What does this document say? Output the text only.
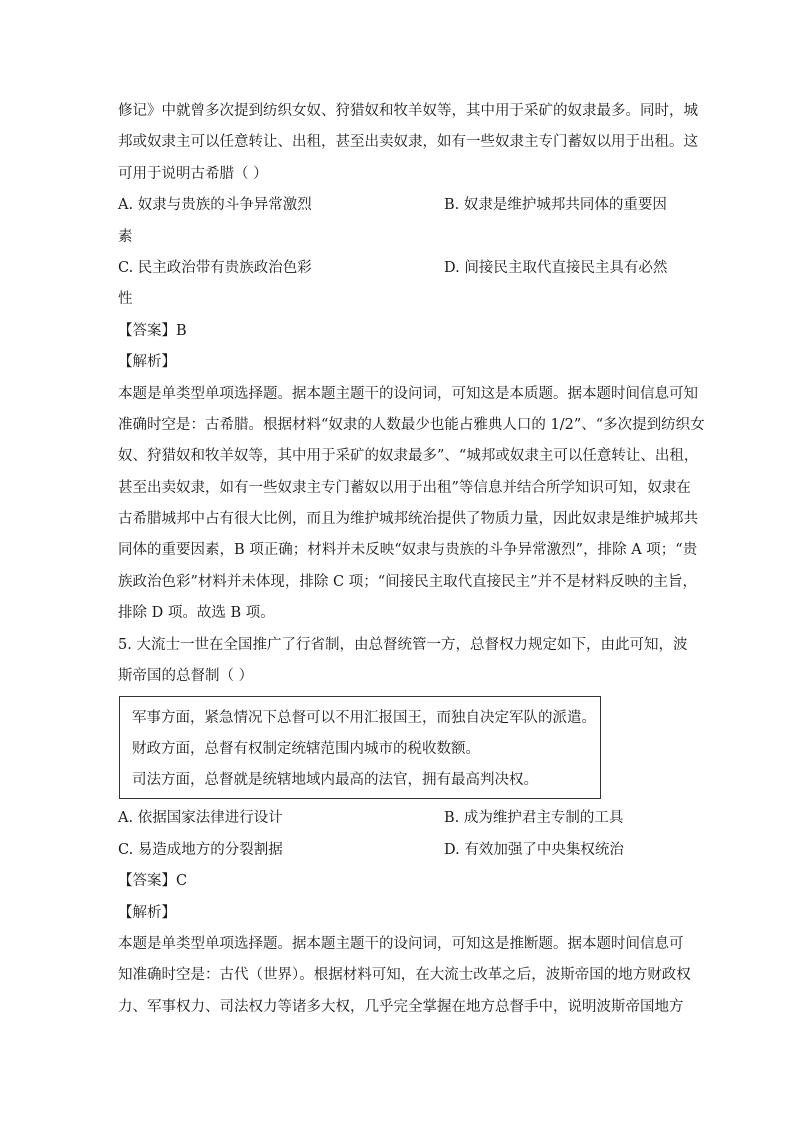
修记》中就曾多次提到纺织女奴、狩猎奴和牧羊奴等，其中用于采矿的奴隶最多。同时，城
邦或奴隶主可以任意转让、出租，甚至出卖奴隶，如有一些奴隶主专门蓄奴以用于出租。这
可用于说明古希腊（ ）
A. 奴隶与贵族的斗争异常激烈	B. 奴隶是维护城邦共同体的重要因
素
C. 民主政治带有贵族政治色彩	D. 间接民主取代直接民主具有必然
性
【答案】B
【解析】
本题是单类型单项选择题。据本题主题干的设问词，可知这是本质题。据本题时间信息可知
准确时空是：古希腊。根据材料“奴隶的人数最少也能占雅典人口的 1/2”、“多次提到纺织女
奴、狩猎奴和牧羊奴等，其中用于采矿的奴隶最多”、“城邦或奴隶主可以任意转让、出租，
甚至出卖奴隶，如有一些奴隶主专门蓄奴以用于出租”等信息并结合所学知识可知，奴隶在
古希腊城邦中占有很大比例，而且为维护城邦统治提供了物质力量，因此奴隶是维护城邦共
同体的重要因素，B 项正确；材料并未反映“奴隶与贵族的斗争异常激烈”，排除 A 项；“贵
族政治色彩”材料并未体现，排除 C 项；“间接民主取代直接民主”并不是材料反映的主旨，
排除 D 项。故选 B 项。
5. 大流士一世在全国推广了行省制，由总督统管一方，总督权力规定如下，由此可知，波
斯帝国的总督制（ ）
军事方面，紧急情况下总督可以不用汇报国王，而独自决定军队的派遣。
财政方面，总督有权制定统辖范围内城市的税收数额。
司法方面，总督就是统辖地域内最高的法官，拥有最高判决权。
A. 依据国家法律进行设计	B. 成为维护君主专制的工具
C. 易造成地方的分裂割据	D. 有效加强了中央集权统治
【答案】C
【解析】
本题是单类型单项选择题。据本题主题干的设问词，可知这是推断题。据本题时间信息可
知准确时空是：古代（世界）。根据材料可知，在大流士改革之后，波斯帝国的地方财政权
力、军事权力、司法权力等诸多大权，几乎完全掌握在地方总督手中，说明波斯帝国地方
